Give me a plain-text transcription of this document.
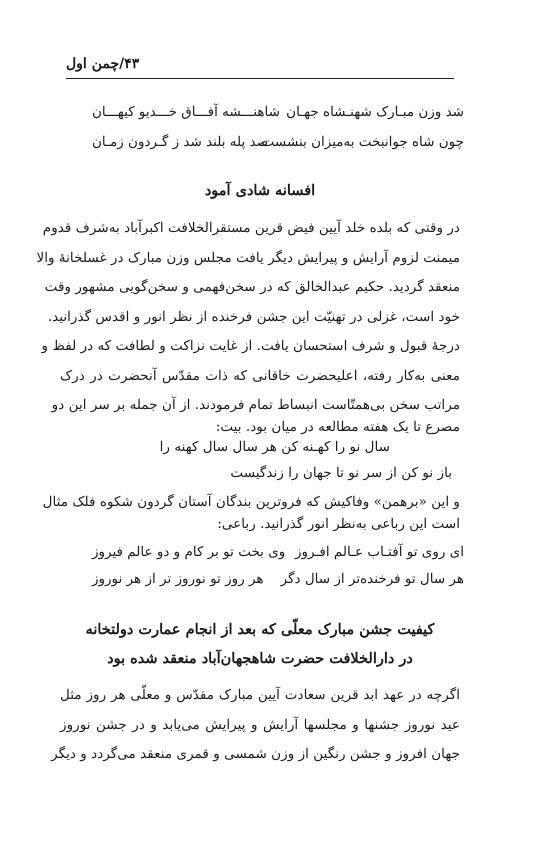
۴۳/چمن اول
شد وزن مبـارک شهنـشاه جهـان
شاهنـــشه آفـــاق خـــدیو کیهـــان
چون شاه جوانبخت به‌میزان بنشست
صد پله بلند شد ز گـردون زمـان
افسانه شادی آمود
در وقتی که بلده خلد آیین فیض قرین مستقرالخلافت اکبرآباد به‌شرف قدوم
میمنت لزوم آرایش و پیرایش دیگر یافت مجلس وزن مبارک در غسلخانهٔ والا
منعقد گردید. حکیم عبدالخالق که در سخن‌فهمی و سخن‌گویی مشهور وقت
خود است، غزلی در تهنیّت این جشن فرخنده از نظر انور و اقدس گذرانید.
درجهٔ قبول و شرف استحسان یافت. از غایت نزاکت و لطافت که در لفظ و
معنی به‌کار رفته، اعلیحضرت خاقانی که ذات مقدّس آنحضرت در درک
مراتب سخن بی‌همتّاست انبساط تمام فرمودند. از آن جمله بر سر این دو
مصرع تا یک هفته مطالعه در میان بود. بیت:
سال نو را کهـنه کن هر سال سال کهنه را
باز نو کن از سر نو تا جهان را زندگیست
و این «برهمن» وفاکیش که فروترین بندگان آستان گردون شکوه فلک مثال
است این رباعی به‌نظر انور گذرانید. رباعی:
ای روی تو آفتـاب عـالم افـروز
وی بخت تو بر کام و دو عالم فیروز
هر سال تو فرخنده‌تر از سال دگر
هر روز تو نوروز تر از هر نوروز
کیفیت جشن مبارک معلّی که بعد از انجام عمارت دولتخانه
در دارالخلافت حضرت شاهجهان‌آباد منعقد شده بود
اگرچه در عهد ابد قرین سعادت آیین مبارک مقدّس و معلّی هر روز مثل
عید نوروز جشنها و مجلسها آرایش و پیرایش می‌یابد و در جشن نوروز
جهان افروز و جشن رنگین از وزن شمسی و قمری منعقد می‌گردد و دیگر
